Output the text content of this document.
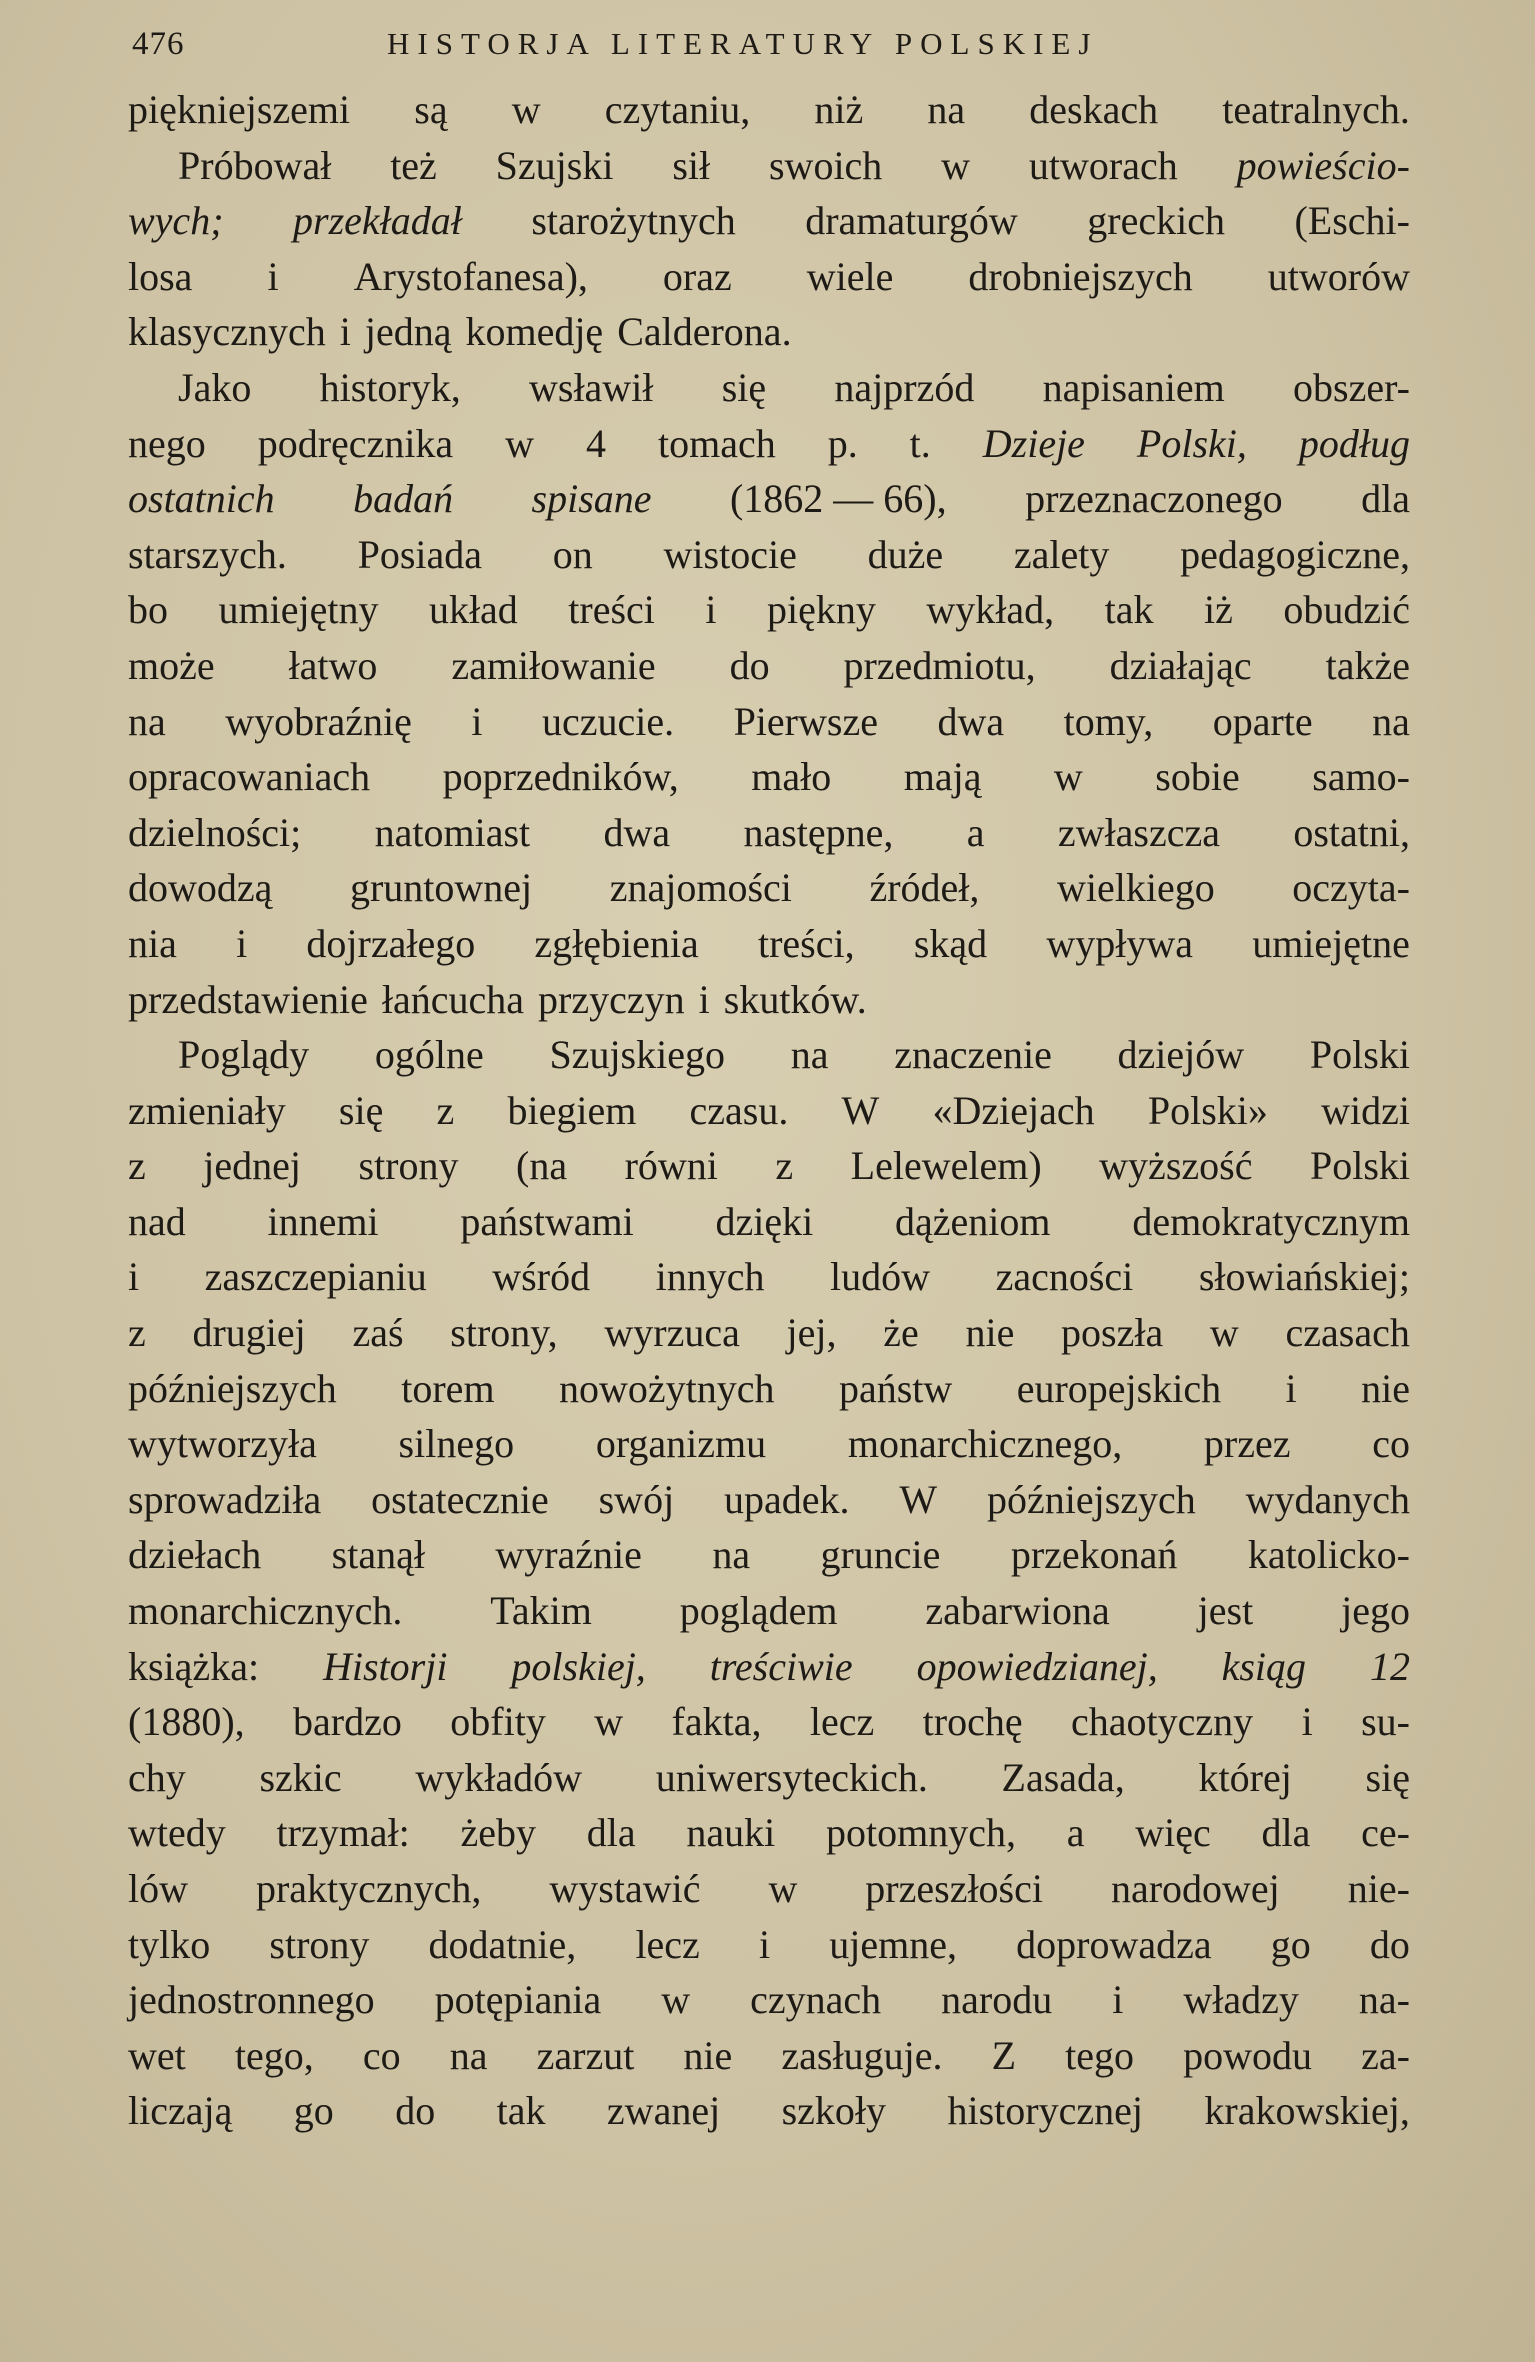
476	HISTORJA LITERATURY POLSKIEJ
piękniejszemi są w czytaniu, niż na deskach teatralnych.
Próbował też Szujski sił swoich w utworach powieścio-
wych; przekładał starożytnych dramaturgów greckich (Eschi-
losa i Arystofanesa), oraz wiele drobniejszych utworów
klasycznych i jedną komedję Calderona.
Jako historyk, wsławił się najprzód napisaniem obszer-
nego podręcznika w 4 tomach p. t. Dzieje Polski, podług
ostatnich badań spisane (1862 — 66), przeznaczonego dla
starszych. Posiada on wistocie duże zalety pedagogiczne,
bo umiejętny układ treści i piękny wykład, tak iż obudzić
może łatwo zamiłowanie do przedmiotu, działając także
na wyobraźnię i uczucie. Pierwsze dwa tomy, oparte na
opracowaniach poprzedników, mało mają w sobie samo-
dzielności; natomiast dwa następne, a zwłaszcza ostatni,
dowodzą gruntownej znajomości źródeł, wielkiego oczyta-
nia i dojrzałego zgłębienia treści, skąd wypływa umiejętne
przedstawienie łańcucha przyczyn i skutków.
Poglądy ogólne Szujskiego na znaczenie dziejów Polski
zmieniały się z biegiem czasu. W «Dziejach Polski» widzi
z jednej strony (na równi z Lelewelem) wyższość Polski
nad innemi państwami dzięki dążeniom demokratycznym
i zaszczepianiu wśród innych ludów zacności słowiańskiej;
z drugiej zaś strony, wyrzuca jej, że nie poszła w czasach
późniejszych torem nowożytnych państw europejskich i nie
wytworzyła silnego organizmu monarchicznego, przez co
sprowadziła ostatecznie swój upadek. W późniejszych wydanych
dziełach stanął wyraźnie na gruncie przekonań katolicko-
monarchicznych. Takim poglądem zabarwiona jest jego
książka: Historji polskiej, treściwie opowiedzianej, ksiąg 12
(1880), bardzo obfity w fakta, lecz trochę chaotyczny i su-
chy szkic wykładów uniwersyteckich. Zasada, której się
wtedy trzymał: żeby dla nauki potomnych, a więc dla ce-
lów praktycznych, wystawić w przeszłości narodowej nie-
tylko strony dodatnie, lecz i ujemne, doprowadza go do
jednostronnego potępiania w czynach narodu i władzy na-
wet tego, co na zarzut nie zasługuje. Z tego powodu za-
liczają go do tak zwanej szkoły historycznej krakowskiej,
